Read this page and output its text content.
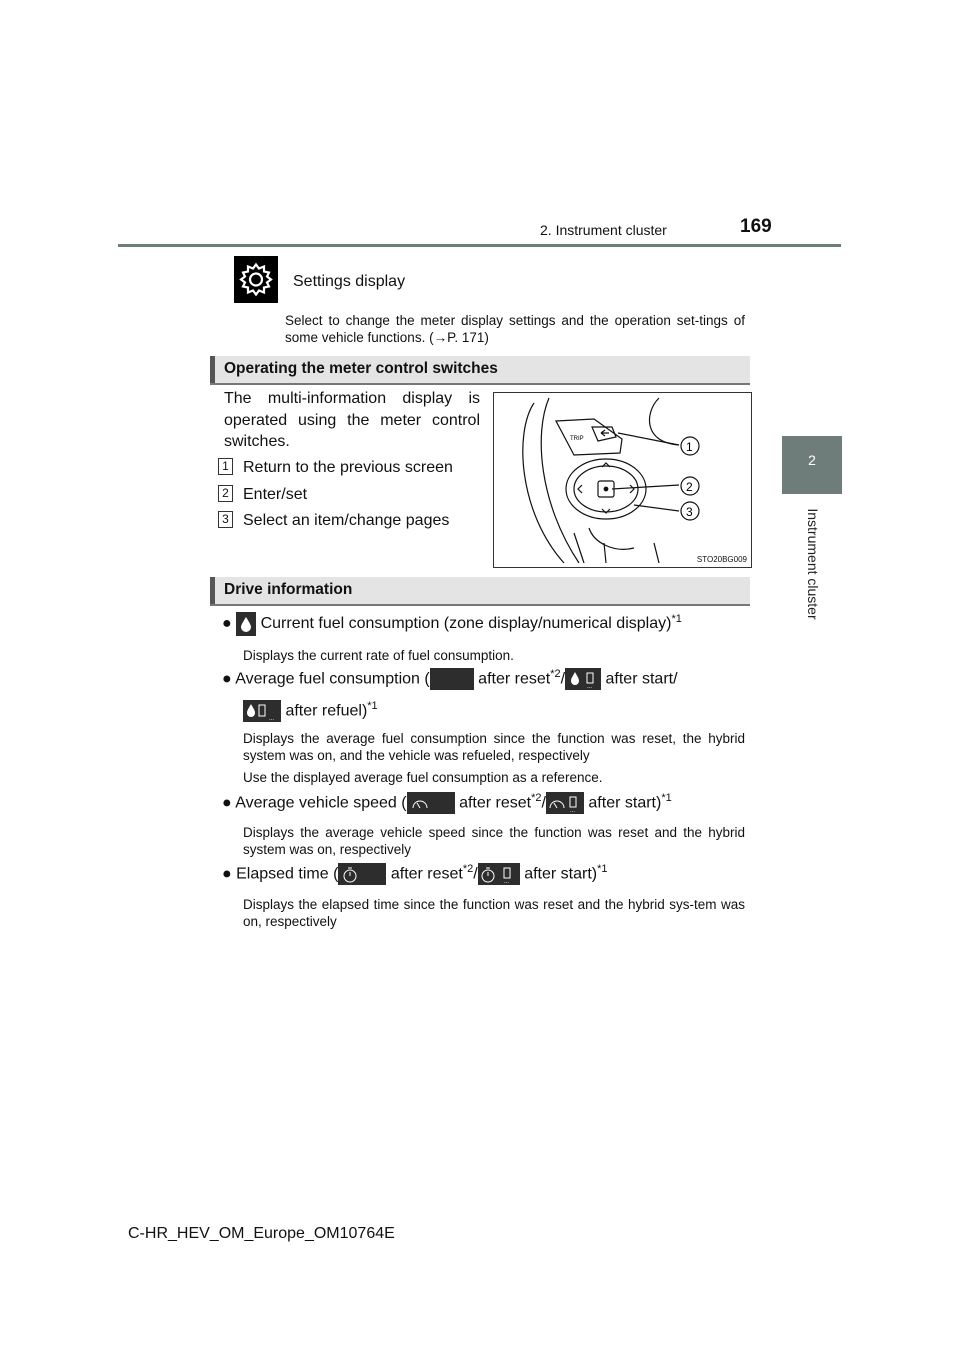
2. Instrument cluster	169
2
Instrument cluster
Settings display
Select to change the meter display settings and the operation set-tings of some vehicle functions. (→P. 171)
Operating the meter control switches
The multi-information display is operated using the meter control switches.
1 Return to the previous screen
2 Enter/set
3 Select an item/change pages
TRIP
1
2
3
STO20BG009
Drive information
● Current fuel consumption (zone display/numerical display)$^{*1}$
Displays the current rate of fuel consumption.
● Average fuel consumption (	after reset$^{*2}$/	... after start/
... after refuel)$^{*1}$
Displays the average fuel consumption since the function was reset, the hybrid system was on, and the vehicle was refueled, respectively
Use the displayed average fuel consumption as a reference.
● Average vehicle speed (	after reset$^{*2}$/	... after start)$^{*1}$
Displays the average vehicle speed since the function was reset and the hybrid system was on, respectively
● Elapsed time (	after reset$^{*2}$/	... after start)$^{*1}$
Displays the elapsed time since the function was reset and the hybrid sys-tem was on, respectively
C-HR_HEV_OM_Europe_OM10764E
